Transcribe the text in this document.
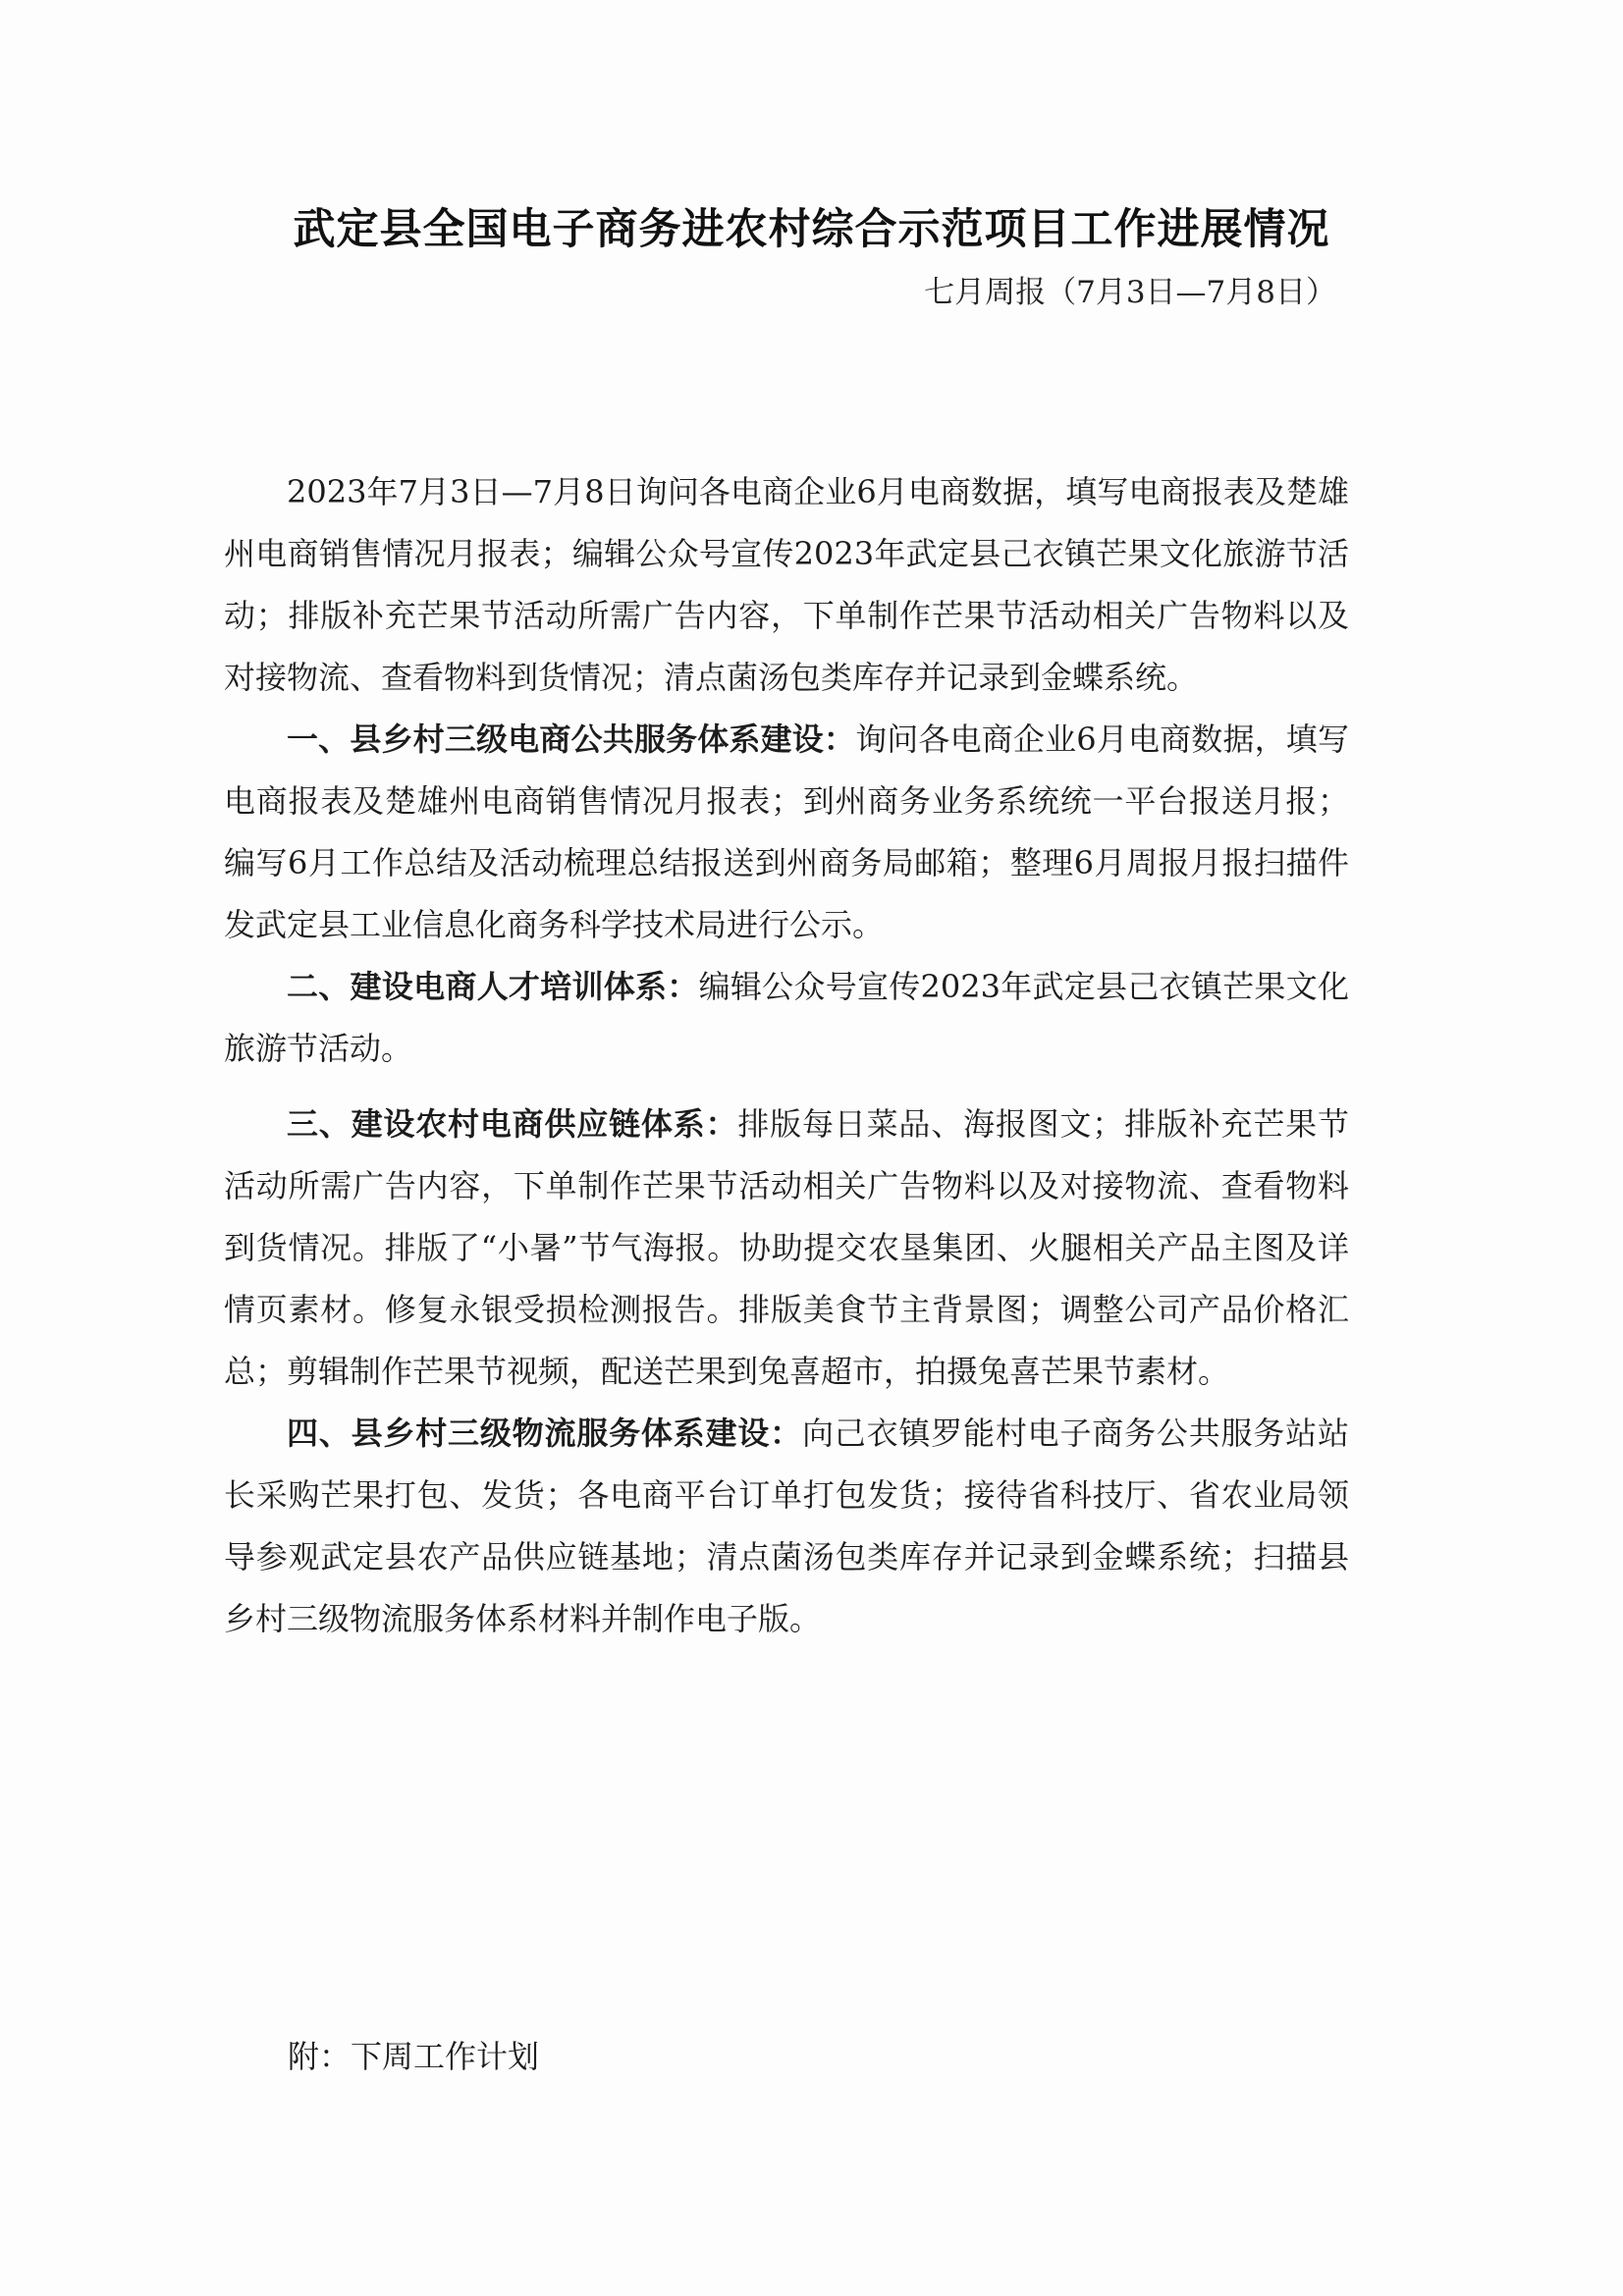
武定县全国电子商务进农村综合示范项目工作进展情况
七月周报（7月3日—7月8日）

2023年7月3日—7月8日询问各电商企业6月电商数据，填写电商报表及楚雄州电商销售情况月报表；编辑公众号宣传2023年武定县己衣镇芒果文化旅游节活动；排版补充芒果节活动所需广告内容，下单制作芒果节活动相关广告物料以及对接物流、查看物料到货情况；清点菌汤包类库存并记录到金蝶系统。

一、县乡村三级电商公共服务体系建设：询问各电商企业6月电商数据，填写电商报表及楚雄州电商销售情况月报表；到州商务业务系统统一平台报送月报；编写6月工作总结及活动梳理总结报送到州商务局邮箱；整理6月周报月报扫描件发武定县工业信息化商务科学技术局进行公示。

二、建设电商人才培训体系：编辑公众号宣传2023年武定县己衣镇芒果文化旅游节活动。

三、建设农村电商供应链体系：排版每日菜品、海报图文；排版补充芒果节活动所需广告内容，下单制作芒果节活动相关广告物料以及对接物流、查看物料到货情况。排版了“小暑”节气海报。协助提交农垦集团、火腿相关产品主图及详情页素材。修复永银受损检测报告。排版美食节主背景图；调整公司产品价格汇总；剪辑制作芒果节视频，配送芒果到兔喜超市，拍摄兔喜芒果节素材。

四、县乡村三级物流服务体系建设：向己衣镇罗能村电子商务公共服务站站长采购芒果打包、发货；各电商平台订单打包发货；接待省科技厅、省农业局领导参观武定县农产品供应链基地；清点菌汤包类库存并记录到金蝶系统；扫描县乡村三级物流服务体系材料并制作电子版。

附：下周工作计划
